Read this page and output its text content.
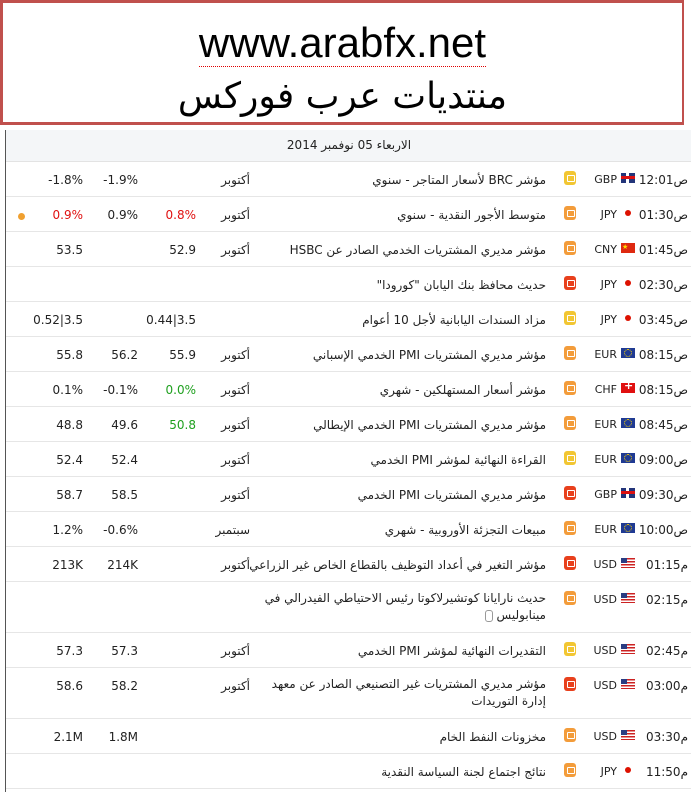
www.arabfx.net
منتديات عرب فوركس
الاربعاء 05 نوفمبر 2014
12:01ص
GBP
مؤشر BRC لأسعار المتاجر - سنوي
أكتوبر
-1.9%
-1.8%
01:30ص
JPY
متوسط الأجور النقدية - سنوي
أكتوبر
0.8%
0.9%
0.9%
01:45ص
★
CNY
مؤشر مديري المشتريات الخدمي الصادر عن HSBC
أكتوبر
52.9
53.5
02:30ص
JPY
حديث محافظ بنك اليابان "كورودا"
03:45ص
JPY
مزاد السندات اليابانية لأجل 10 أعوام
0.44|3.5
0.52|3.5
08:15ص
EUR
مؤشر مديري المشتريات PMI الخدمي الإسباني
أكتوبر
55.9
56.2
55.8
08:15ص
+
CHF
مؤشر أسعار المستهلكين - شهري
أكتوبر
0.0%
-0.1%
0.1%
08:45ص
EUR
مؤشر مديري المشتريات PMI الخدمي الإيطالي
أكتوبر
50.8
49.6
48.8
09:00ص
EUR
القراءة النهائية لمؤشر PMI الخدمي
أكتوبر
52.4
52.4
09:30ص
GBP
مؤشر مديري المشتريات PMI الخدمي
أكتوبر
58.5
58.7
10:00ص
EUR
مبيعات التجزئة الأوروبية - شهري
سبتمبر
-0.6%
1.2%
01:15م
USD
مؤشر التغير في أعداد التوظيف بالقطاع الخاص غير الزراعي
أكتوبر
214K
213K
02:15م
USD
حديث نارايانا كوتشيرلاكوتا رئيس الاحتياطي الفيدرالي في مينابوليس
02:45م
USD
التقديرات النهائية لمؤشر PMI الخدمي
أكتوبر
57.3
57.3
03:00م
USD
مؤشر مديري المشتريات غير التصنيعي الصادر عن معهد إدارة التوريدات
أكتوبر
58.2
58.6
03:30م
USD
مخزونات النفط الخام
1.8M
2.1M
11:50م
JPY
نتائج اجتماع لجنة السياسة النقدية
